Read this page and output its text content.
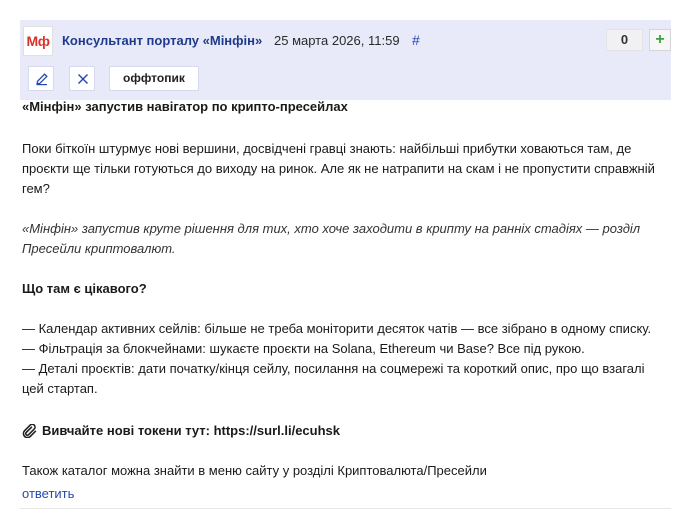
Мф Консультант порталу «Мінфін» 25 марта 2026, 11:59 #	0	+
оффтопик
«Мінфін» запустив навігатор по крипто-пресейлах
Поки біткоїн штурмує нові вершини, досвідчені гравці знають: найбільші прибутки ховаються там, де проєкти ще тільки готуються до виходу на ринок. Але як не натрапити на скам і не пропустити справжній гем?
«Мінфін» запустив круте рішення для тих, хто хоче заходити в крипту на ранніх стадіях — розділ Пресейли криптовалют.
Що там є цікавого?
— Календар активних сейлів: більше не треба моніторити десяток чатів — все зібрано в одному списку.
— Фільтрація за блокчейнами: шукаєте проєкти на Solana, Ethereum чи Base? Все під рукою.
— Деталі проєктів: дати початку/кінця сейлу, посилання на соцмережі та короткий опис, про що взагалі цей стартап.
Вивчайте нові токени тут: https://surl.li/ecuhsk
Також каталог можна знайти в меню сайту у розділі Криптовалюта/Пресейли
ответить
